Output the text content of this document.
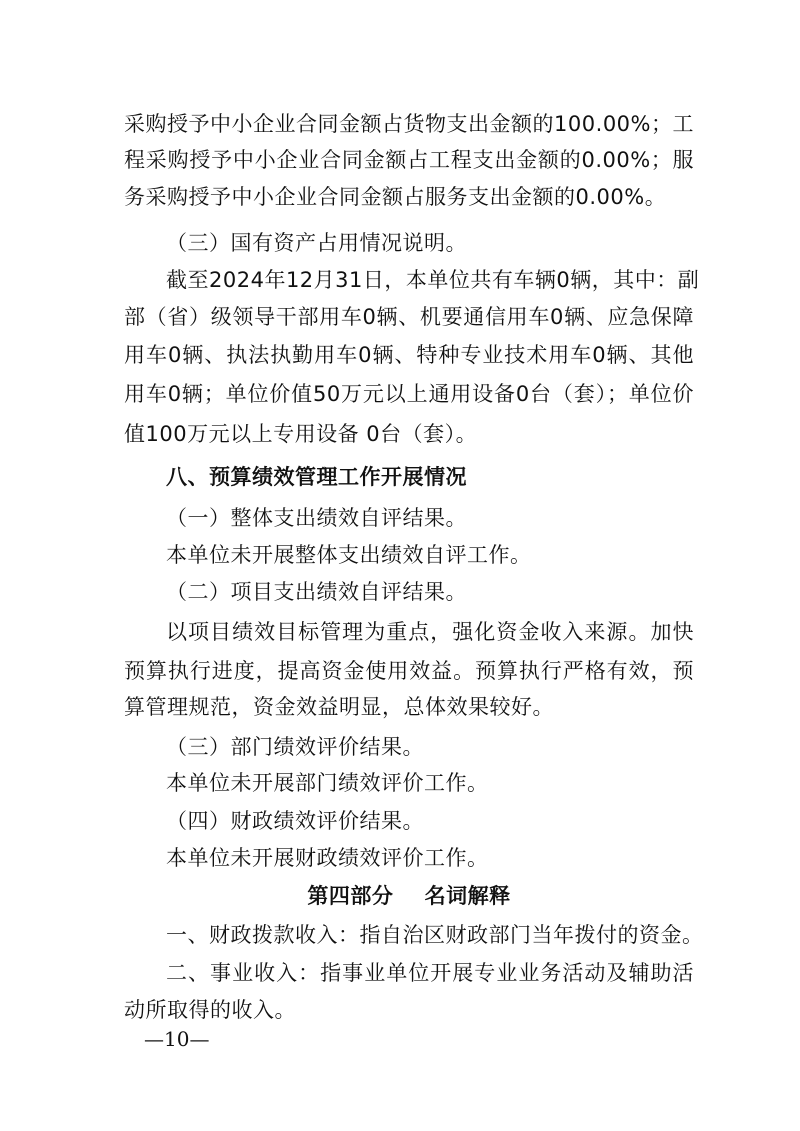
采购授予中小企业合同金额占货物支出金额的100.00%；工
程采购授予中小企业合同金额占工程支出金额的0.00%；服
务采购授予中小企业合同金额占服务支出金额的0.00%。
（三）国有资产占用情况说明。
截至2024年12月31日，本单位共有车辆0辆，其中：副
部（省）级领导干部用车0辆、机要通信用车0辆、应急保障
用车0辆、执法执勤用车0辆、特种专业技术用车0辆、其他
用车0辆；单位价值50万元以上通用设备0台（套）；单位价
值100万元以上专用设备 0台（套）。
八、预算绩效管理工作开展情况
（一）整体支出绩效自评结果。
本单位未开展整体支出绩效自评工作。
（二）项目支出绩效自评结果。
以项目绩效目标管理为重点，强化资金收入来源。加快
预算执行进度，提高资金使用效益。预算执行严格有效，预
算管理规范，资金效益明显，总体效果较好。
（三）部门绩效评价结果。
本单位未开展部门绩效评价工作。
（四）财政绩效评价结果。
本单位未开展财政绩效评价工作。
第四部分    名词解释
一、财政拨款收入：指自治区财政部门当年拨付的资金。
二、事业收入：指事业单位开展专业业务活动及辅助活
动所取得的收入。
—10—
